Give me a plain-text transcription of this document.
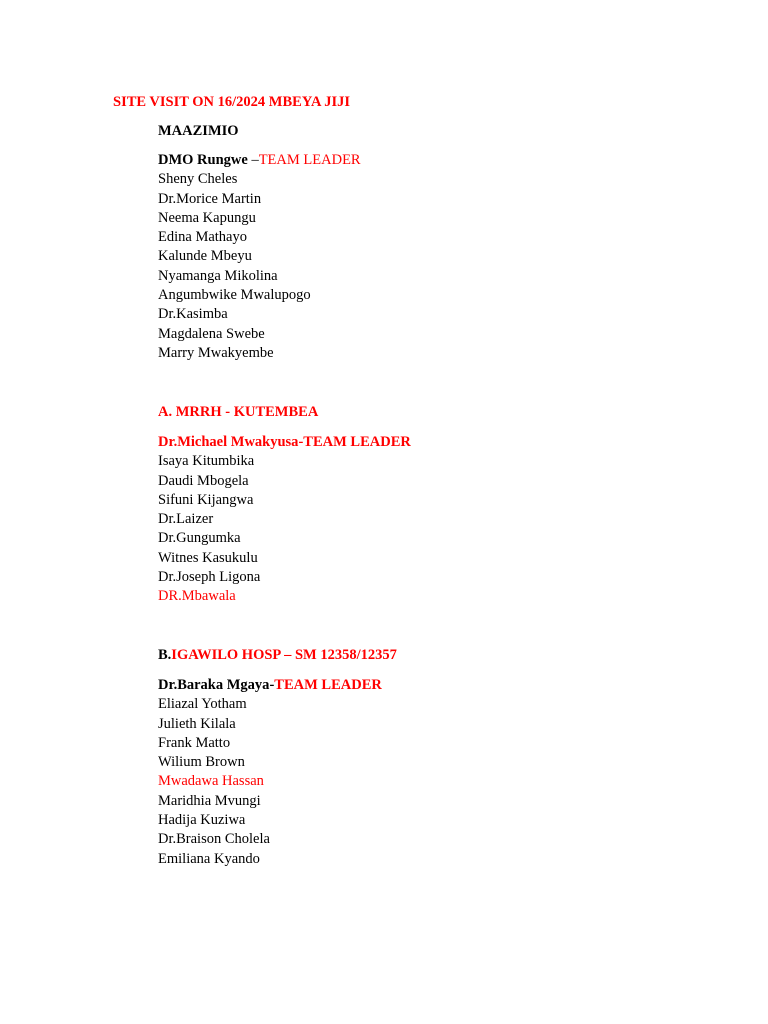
SITE VISIT ON 16/2024 MBEYA JIJI
MAAZIMIO
DMO Rungwe –TEAM LEADER
Sheny Cheles
Dr.Morice Martin
Neema Kapungu
Edina Mathayo
Kalunde Mbeyu
Nyamanga Mikolina
Angumbwike Mwalupogo
Dr.Kasimba
Magdalena Swebe
Marry Mwakyembe
A. MRRH - KUTEMBEA
Dr.Michael Mwakyusa-TEAM LEADER
Isaya Kitumbika
Daudi Mbogela
Sifuni Kijangwa
Dr.Laizer
Dr.Gungumka
Witnes Kasukulu
Dr.Joseph Ligona
DR.Mbawala
B.IGAWILO HOSP – SM 12358/12357
Dr.Baraka Mgaya-TEAM LEADER
Eliazal Yotham
Julieth Kilala
Frank Matto
Wilium Brown
Mwadawa Hassan
Maridhia Mvungi
Hadija Kuziwa
Dr.Braison Cholela
Emiliana Kyando
